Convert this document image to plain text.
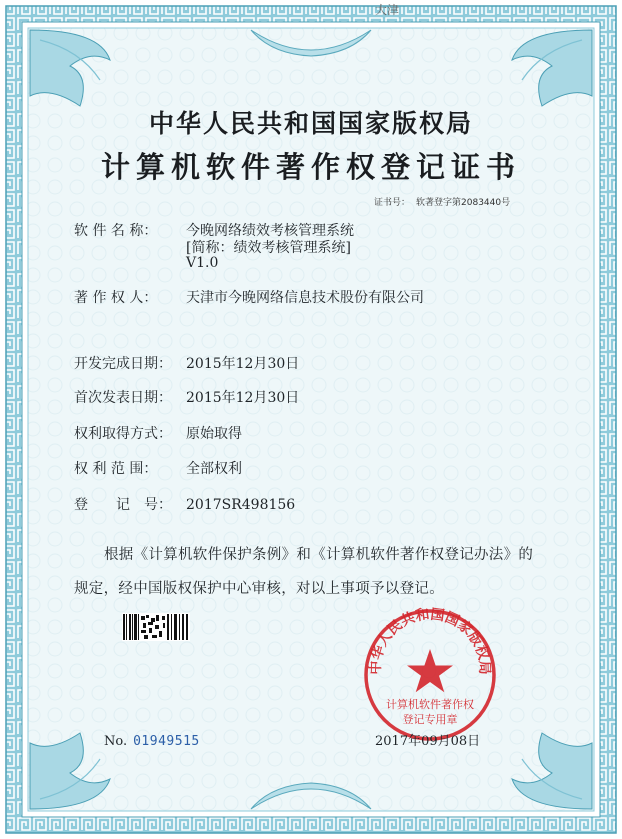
大津
中华人民共和国国家版权局
计算机软件著作权登记证书
证书号： 软著登字第2083440号
软 件 名 称： 今晚网络绩效考核管理系统
[简称：绩效考核管理系统]
V1.0
著 作 权 人： 天津市今晚网络信息技术股份有限公司
开发完成日期： 2015年12月30日
首次发表日期： 2015年12月30日
权利取得方式： 原始取得
权 利 范 围： 全部权利
登　　记　号： 2017SR498156
根据《计算机软件保护条例》和《计算机软件著作权登记办法》的
规定，经中国版权保护中心审核，对以上事项予以登记。
中华人民共和国国家版权局
计算机软件著作权
登记专用章
No. 01949515	2017年09月08日
